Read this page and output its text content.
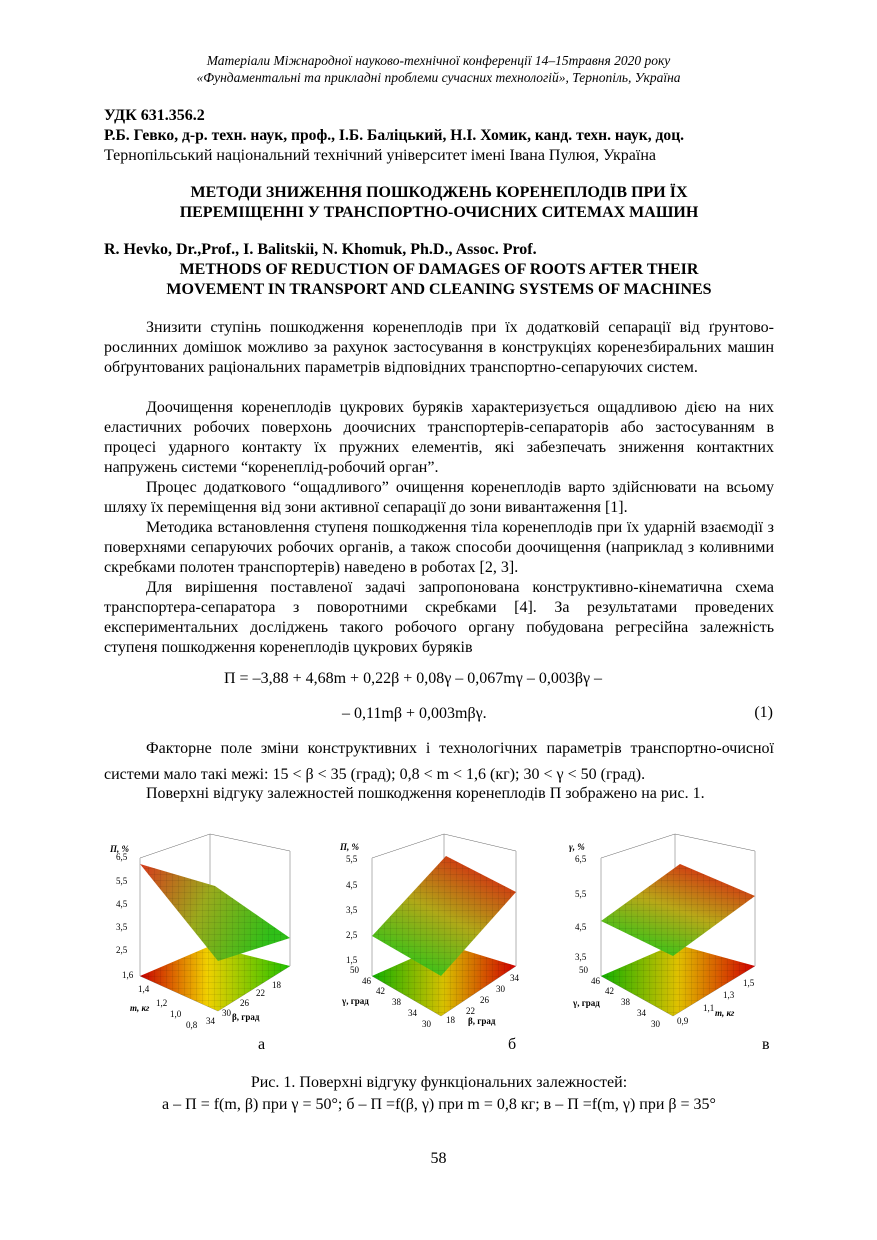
Матеріали Міжнародної науково-технічної конференції 14–15травня 2020 року
«Фундаментальні та прикладні проблеми сучасних технологій», Тернопіль, Україна
УДК 631.356.2
Р.Б. Гевко, д-р. техн. наук, проф., І.Б. Баліцький, Н.І. Хомик, канд. техн. наук, доц.
Тернопільський національний технічний університет імені Івана Пулюя, Україна
МЕТОДИ ЗНИЖЕННЯ ПОШКОДЖЕНЬ КОРЕНЕПЛОДІВ ПРИ ЇХ
ПЕРЕМІЩЕННІ У ТРАНСПОРТНО-ОЧИСНИХ СИТЕМАХ МАШИН
R. Hevko, Dr.,Prof., I. Balitskii, N. Khomuk, Ph.D., Assoc. Prof.
METHODS OF REDUCTION OF DAMAGES OF ROOTS AFTER THEIR
MOVEMENT IN TRANSPORT AND CLEANING SYSTEMS OF MACHINES
Знизити ступінь пошкодження коренеплодів при їх додатковій сепарації від ґрунтово-рослинних домішок можливо за рахунок застосування в конструкціях коренезбиральних машин обґрунтованих раціональних параметрів відповідних транспортно-сепаруючих систем.
Доочищення коренеплодів цукрових буряків характеризується ощадливою дією на них еластичних робочих поверхонь доочисних транспортерів-сепараторів або застосуванням в процесі ударного контакту їх пружних елементів, які забезпечать зниження контактних напружень системи “коренеплід-робочий орган”.
Процес додаткового “ощадливого” очищення коренеплодів варто здійснювати на всьому шляху їх переміщення від зони активної сепарації до зони вивантаження [1].
Методика встановлення ступеня пошкодження тіла коренеплодів при їх ударній взаємодії з поверхнями сепаруючих робочих органів, а також способи доочищення (наприклад з коливними скребками полотен транспортерів) наведено в роботах [2, 3].
Для вирішення поставленої задачі запропонована конструктивно-кінематична схема транспортера-сепаратора з поворотними скребками [4]. За результатами проведених експериментальних досліджень такого робочого органу побудована регресійна залежність ступеня пошкодження коренеплодів цукрових буряків
П = –3,88 + 4,68m + 0,22β + 0,08γ – 0,067mγ – 0,003βγ –
– 0,11mβ + 0,003mβγ.	(1)
Факторне поле зміни конструктивних і технологічних параметрів транспортно-очисної системи мало такі межі: 15 < β < 35 (град); 0,8 < m < 1,6 (кг); 30 < γ < 50 (град).
Поверхні відгуку залежностей пошкодження коренеплодів П зображено на рис. 1.
П, %
6,5
5,5
4,5
3,5
2,5
1,6
1,4
1,2
1,0
0,8
m, кг
34
30
26
22
18
β, град
П, %
5,5
4,5
3,5
2,5
1,5
50
46
42
38
34
30
γ, град
18
22
26
30
34
β, град
γ, %
6,5
5,5
4,5
3,5
50
46
42
38
34
30
γ, град
0,9
1,1
1,3
1,5
m, кг
а	б	в
Рис. 1. Поверхні відгуку функціональних залежностей:
а – П = f(m, β) при γ = 50°; б – П =f(β, γ) при m = 0,8 кг; в – П =f(m, γ) при β = 35°
58
